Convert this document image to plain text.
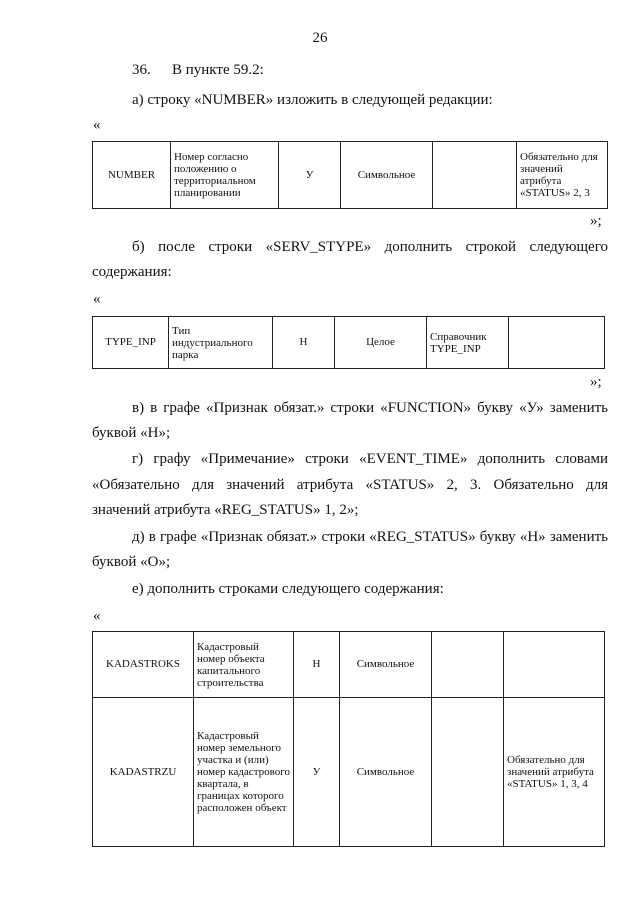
26
36. В пункте 59.2:
а) строку «NUMBER» изложить в следующей редакции:
«
NUMBER	Номер согласно положению о территориальном планировании	У	Символьное		Обязательно для значений атрибута «STATUS» 2, 3
»;
б) после строки «SERV_STYPE» дополнить строкой следующего
содержания:
«
TYPE_INP	Тип индустриального парка	Н	Целое	Справочник TYPE_INP	
»;
в) в графе «Признак обязат.» строки «FUNCTION» букву «У» заменить
буквой «Н»;
г) графу «Примечание» строки «EVENT_TIME» дополнить словами
«Обязательно для значений атрибута «STATUS» 2, 3. Обязательно для
значений атрибута «REG_STATUS» 1, 2»;
д) в графе «Признак обязат.» строки «REG_STATUS» букву «Н» заменить
буквой «О»;
е) дополнить строками следующего содержания:
«
KADASTROKS	Кадастровый номер объекта капитального строительства	Н	Символьное		
KADASTRZU	Кадастровый номер земельного участка и (или) номер кадастрового квартала, в границах которого расположен объект	У	Символьное		Обязательно для значений атрибута «STATUS» 1, 3, 4
